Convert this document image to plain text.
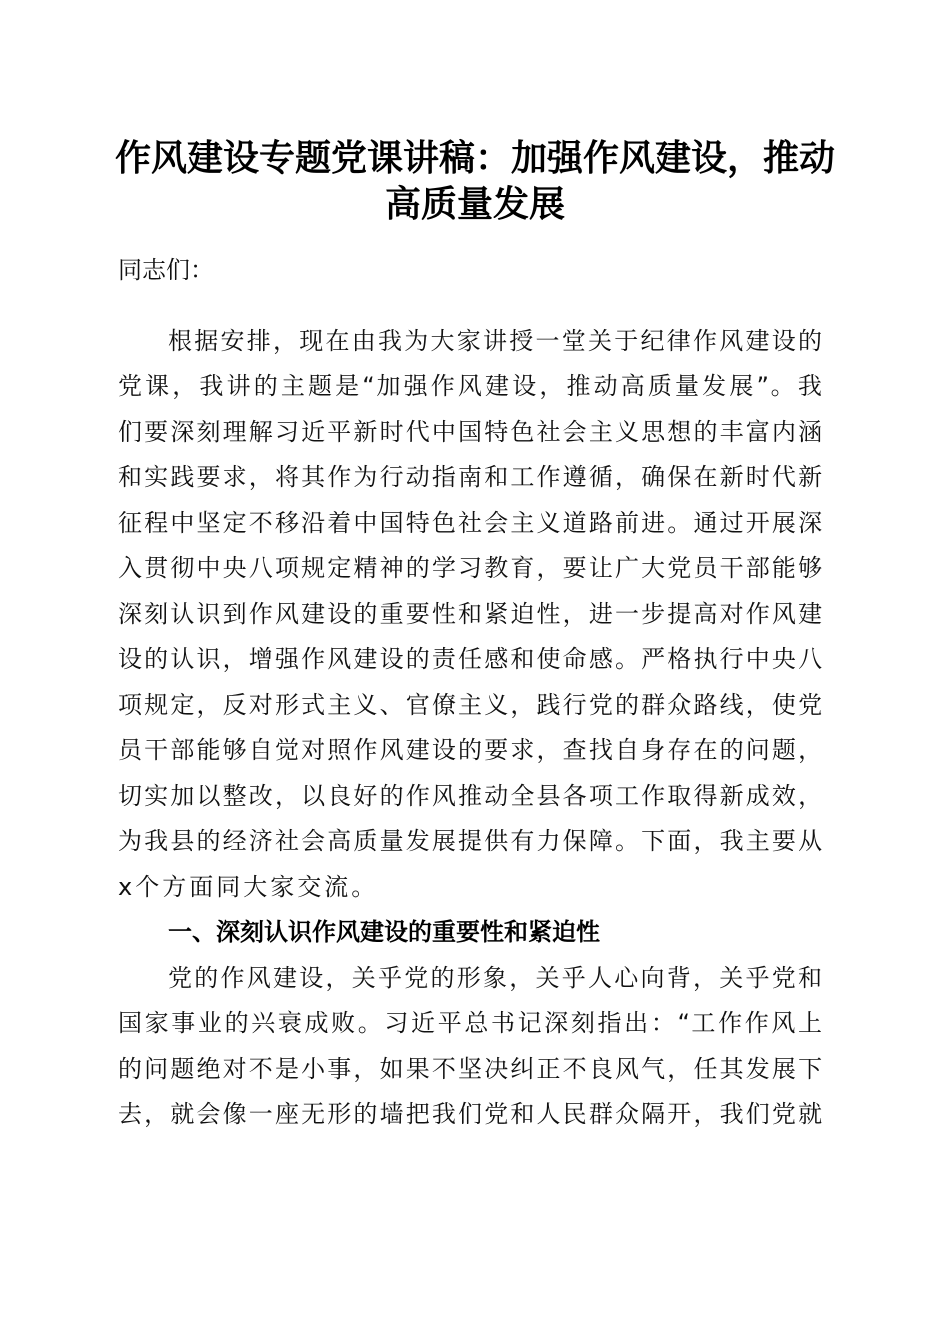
作风建设专题党课讲稿：加强作风建设，推动
高质量发展
同志们：
根 据 安 排 ， 现 在 由 我 为 大 家 讲 授 一 堂 关 于 纪 律 作 风 建 设 的
党 课 ， 我 讲 的 主 题 是 “ 加 强 作 风 建 设 ， 推 动 高 质 量 发 展 ” 。 我
们 要 深 刻 理 解 习 近 平 新 时 代 中 国 特 色 社 会 主 义 思 想 的 丰 富 内 涵
和 实 践 要 求 ， 将 其 作 为 行 动 指 南 和 工 作 遵 循 ， 确 保 在 新 时 代 新
征 程 中 坚 定 不 移 沿 着 中 国 特 色 社 会 主 义 道 路 前 进 。 通 过 开 展 深
入 贯 彻 中 央 八 项 规 定 精 神 的 学 习 教 育 ， 要 让 广 大 党 员 干 部 能 够
深 刻 认 识 到 作 风 建 设 的 重 要 性 和 紧 迫 性 ， 进 一 步 提 高 对 作 风 建
设 的 认 识 ， 增 强 作 风 建 设 的 责 任 感 和 使 命 感 。 严 格 执 行 中 央 八
项 规 定 ， 反 对 形 式 主 义 、 官 僚 主 义 ， 践 行 党 的 群 众 路 线 ， 使 党
员 干 部 能 够 自 觉 对 照 作 风 建 设 的 要 求 ， 查 找 自 身 存 在 的 问 题 ，
切 实 加 以 整 改 ， 以 良 好 的 作 风 推 动 全 县 各 项 工 作 取 得 新 成 效 ，
为 我 县 的 经 济 社 会 高 质 量 发 展 提 供 有 力 保 障 。 下 面 ， 我 主 要 从
x个方面同大家交流。
一、深刻认识作风建设的重要性和紧迫性
党 的 作 风 建 设 ， 关 乎 党 的 形 象 ， 关 乎 人 心 向 背 ， 关 乎 党 和
国 家 事 业 的 兴 衰 成 败 。 习 近 平 总 书 记 深 刻 指 出 ： “ 工 作 作 风 上
的 问 题 绝 对 不 是 小 事 ， 如 果 不 坚 决 纠 正 不 良 风 气 ， 任 其 发 展 下
去 ， 就 会 像 一 座 无 形 的 墙 把 我 们 党 和 人 民 群 众 隔 开 ， 我 们 党 就
